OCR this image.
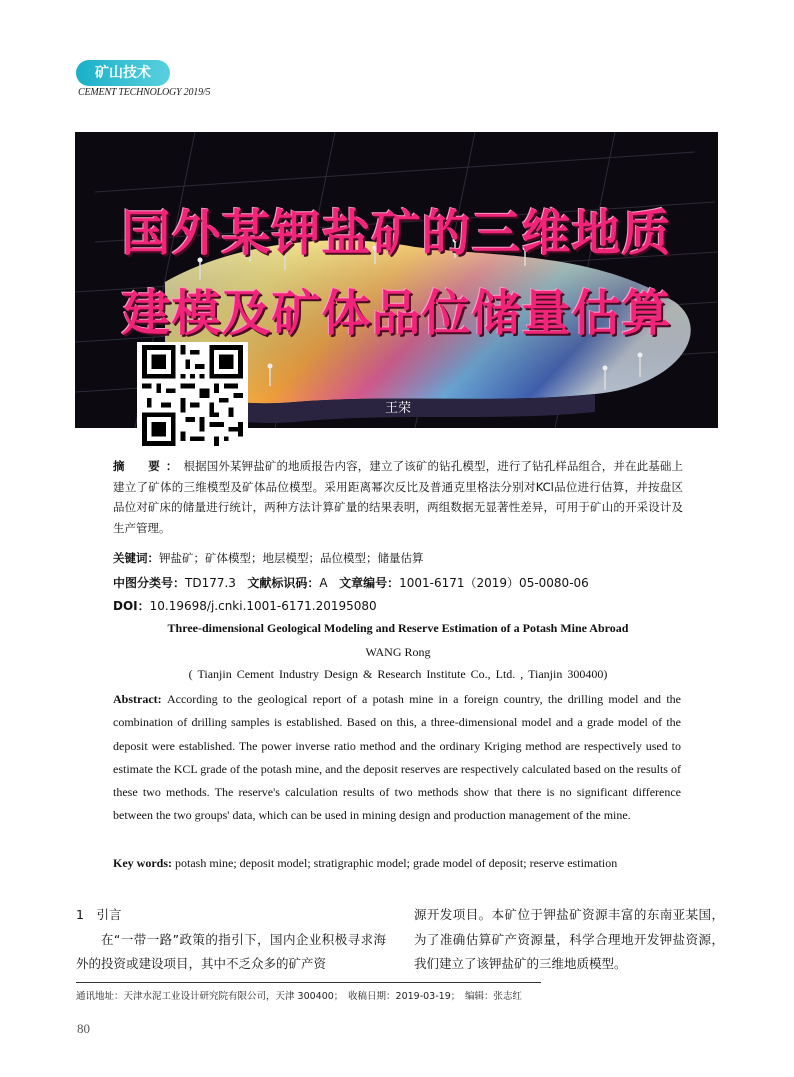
矿山技术
CEMENT TECHNOLOGY 2019/5
国外某钾盐矿的三维地质
建模及矿体品位储量估算
王荣
摘　要：根据国外某钾盐矿的地质报告内容，建立了该矿的钻孔模型，进行了钻孔样品组合，并在此基础上建立了矿体的三维模型及矿体品位模型。采用距离幂次反比及普通克里格法分别对KCl品位进行估算，并按盘区品位对矿床的储量进行统计，两种方法计算矿量的结果表明，两组数据无显著性差异，可用于矿山的开采设计及生产管理。
关键词：钾盐矿；矿体模型；地层模型；品位模型；储量估算
中图分类号：TD177.3 文献标识码：A 文章编号：1001-6171（2019）05-0080-06
DOI：10.19698/j.cnki.1001-6171.20195080
Three-dimensional Geological Modeling and Reserve Estimation of a Potash Mine Abroad
WANG Rong
( Tianjin Cement Industry Design & Research Institute Co., Ltd. , Tianjin 300400)
Abstract: According to the geological report of a potash mine in a foreign country, the drilling model and the combination of drilling samples is established. Based on this, a three-dimensional model and a grade model of the deposit were established. The power inverse ratio method and the ordinary Kriging method are respectively used to estimate the KCL grade of the potash mine, and the deposit reserves are respectively calculated based on the results of these two methods. The reserve's calculation results of two methods show that there is no significant difference between the two groups' data, which can be used in mining design and production management of the mine.
Key words: potash mine; deposit model; stratigraphic model; grade model of deposit; reserve estimation

1　引言

在“一带一路”政策的指引下，国内企业积极寻求海外的投资或建设项目，其中不乏众多的矿产资

源开发项目。本矿位于钾盐矿资源丰富的东南亚某国，为了准确估算矿产资源量，科学合理地开发钾盐资源，我们建立了该钾盐矿的三维地质模型。

通讯地址：天津水泥工业设计研究院有限公司，天津 300400；　收稿日期：2019-03-19；　编辑：张志红
80
